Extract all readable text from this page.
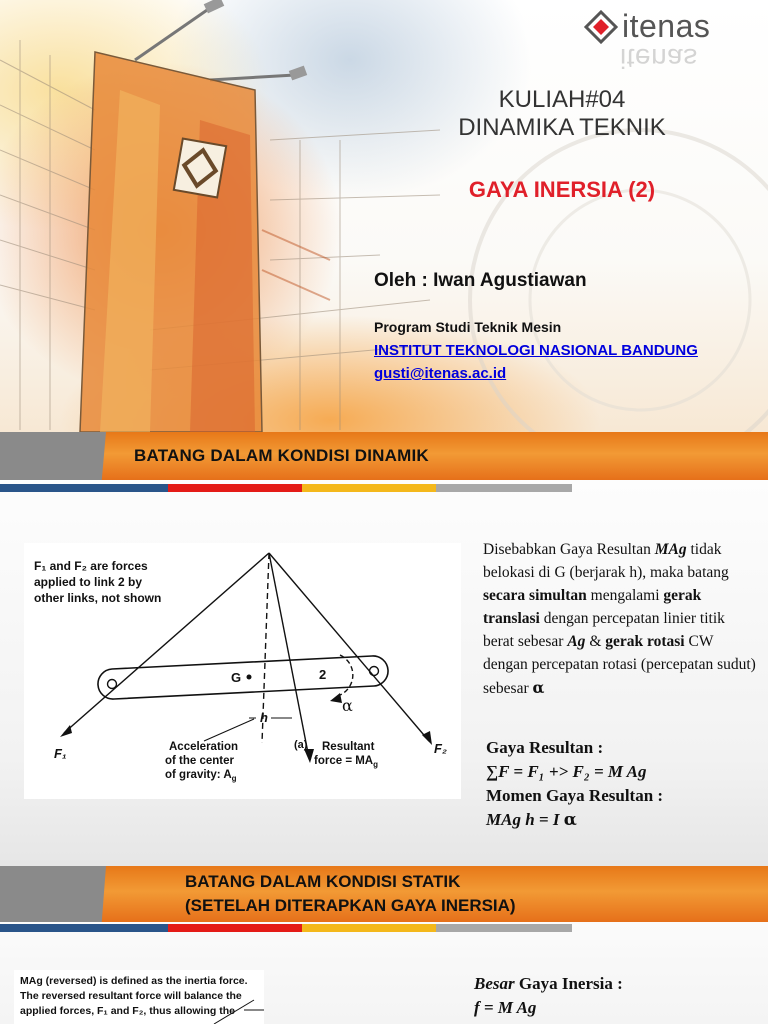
itenas
itenas
KULIAH#04
DINAMIKA TEKNIK
GAYA INERSIA (2)
Oleh : Iwan Agustiawan
Program Studi Teknik Mesin
INSTITUT TEKNOLOGI NASIONAL BANDUNG
gusti@itenas.ac.id
BATANG DALAM KONDISI DINAMIK
F₁ and F₂ are forces
applied to link 2 by
other links, not shown
G	2
h
F₁	F₂
(a)
α
Acceleration
of the center
of gravity: $A_g$
Resultant
force = $MA_g$
Disebabkan Gaya Resultan MAg tidak belokasi di G (berjarak h), maka batang secara simultan mengalami gerak translasi dengan percepatan linier titik berat sebesar Ag & gerak rotasi CW dengan percepatan rotasi (percepatan sudut) sebesar α
Gaya Resultan :
∑F = F₁ +> F₂ = M Ag
Momen Gaya Resultan :
MAg h = I α
BATANG DALAM KONDISI STATIK
(SETELAH DITERAPKAN GAYA INERSIA)
MAg (reversed) is defined as the inertia force.
The reversed resultant force will balance the
applied forces, F₁ and F₂, thus allowing the
Besar Gaya Inersia :
f = M Ag
